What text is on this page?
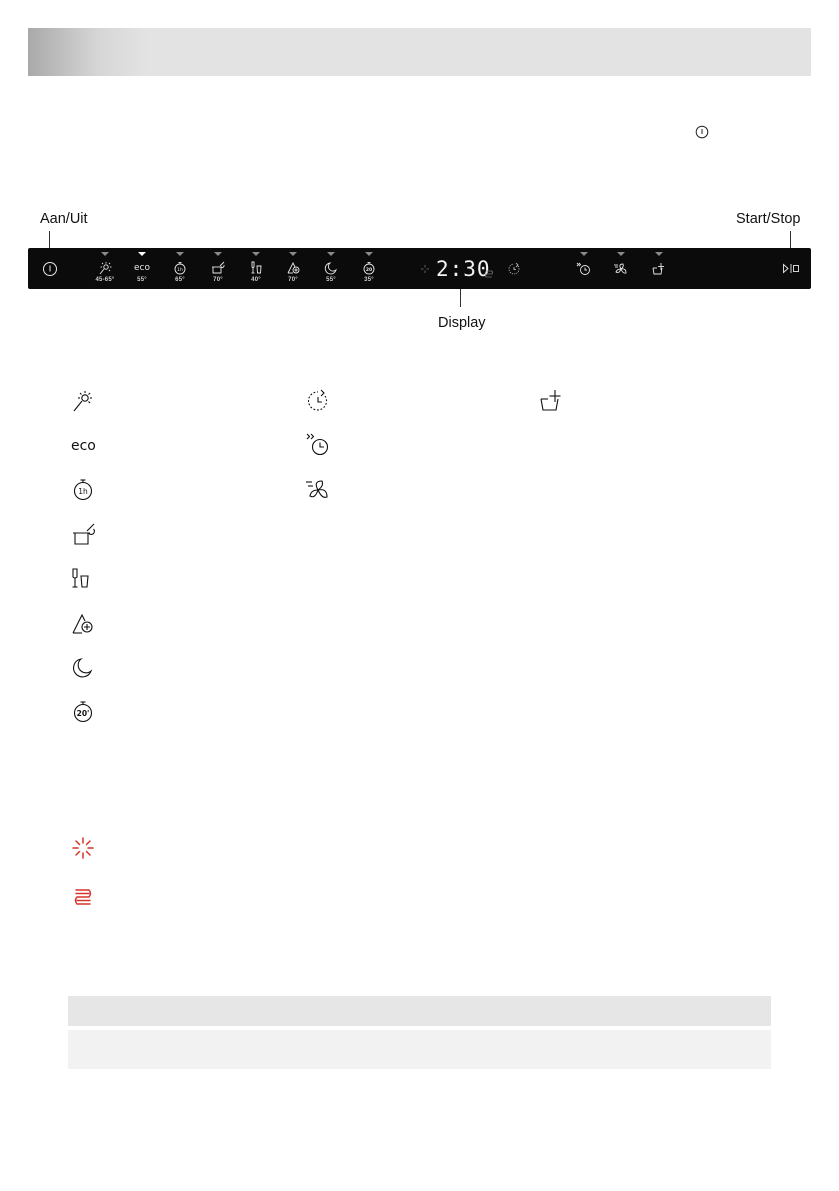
Aan/Uit	Start/Stop
Display
45-65°
eco
55°
1h
65°	70°	40°	70°	55°
20
35°	2:30
eco
1h
20'
